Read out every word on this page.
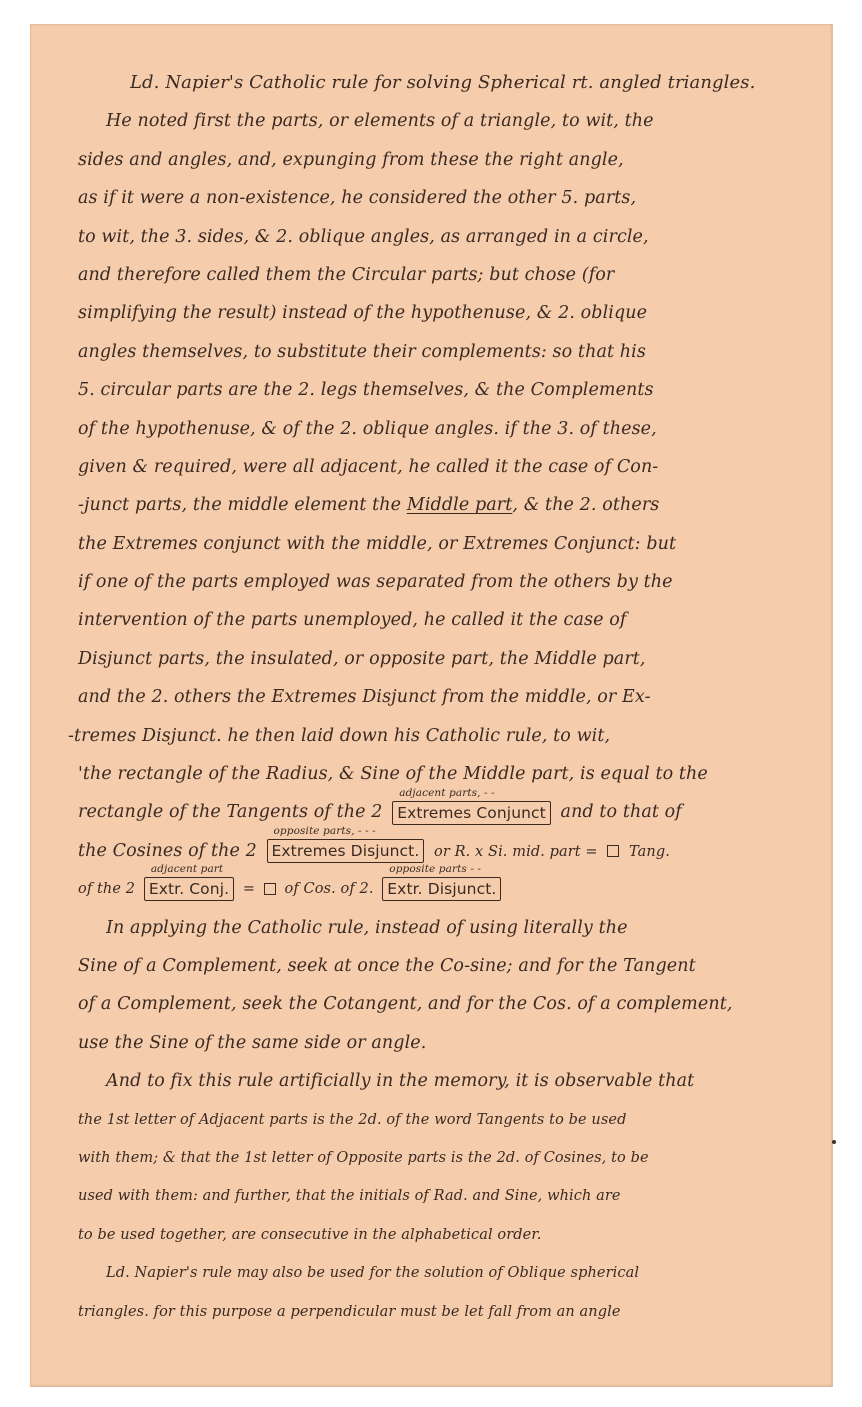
Ld. Napier's Catholic rule for solving Spherical rt. angled triangles.
He noted first the parts, or elements of a triangle, to wit, the
sides and angles, and, expunging from these the right angle,
as if it were a non-existence, he considered the other 5. parts,
to wit, the 3. sides, & 2. oblique angles, as arranged in a circle,
and therefore called them the Circular parts; but chose (for
simplifying the result) instead of the hypothenuse, & 2. oblique
angles themselves, to substitute their complements: so that his
5. circular parts are the 2. legs themselves, & the Complements
of the hypothenuse, & of the 2. oblique angles. if the 3. of these,
given & required, were all adjacent, he called it the case of Con-
-junct parts, the middle element the Middle part, & the 2. others
the Extremes conjunct with the middle, or Extremes Conjunct: but
if one of the parts employed was separated from the others by the
intervention of the parts unemployed, he called it the case of
Disjunct parts, the insulated, or opposite part, the Middle part,
and the 2. others the Extremes Disjunct from the middle, or Ex-
-tremes Disjunct. he then laid down his Catholic rule, to wit,
'the rectangle of the Radius, & Sine of the Middle part, is equal to the
rectangle of the Tangents of the 2
adjacent parts, - -
Extremes Conjunct and to that of
the Cosines of the 2
opposite parts, - - -
Extremes Disjunct. or R. x Si. mid. part = Tang.
of the 2
adjacent part
Extr. Conj. = of Cos. of 2.
opposite parts - -
Extr. Disjunct.
In applying the Catholic rule, instead of using literally the
Sine of a Complement, seek at once the Co-sine; and for the Tangent
of a Complement, seek the Cotangent, and for the Cos. of a complement,
use the Sine of the same side or angle.
And to fix this rule artificially in the memory, it is observable that
the 1st letter of Adjacent parts is the 2d. of the word Tangents to be used
with them; & that the 1st letter of Opposite parts is the 2d. of Cosines, to be
used with them: and further, that the initials of Rad. and Sine, which are
to be used together, are consecutive in the alphabetical order.
Ld. Napier's rule may also be used for the solution of Oblique spherical
triangles. for this purpose a perpendicular must be let fall from an angle
